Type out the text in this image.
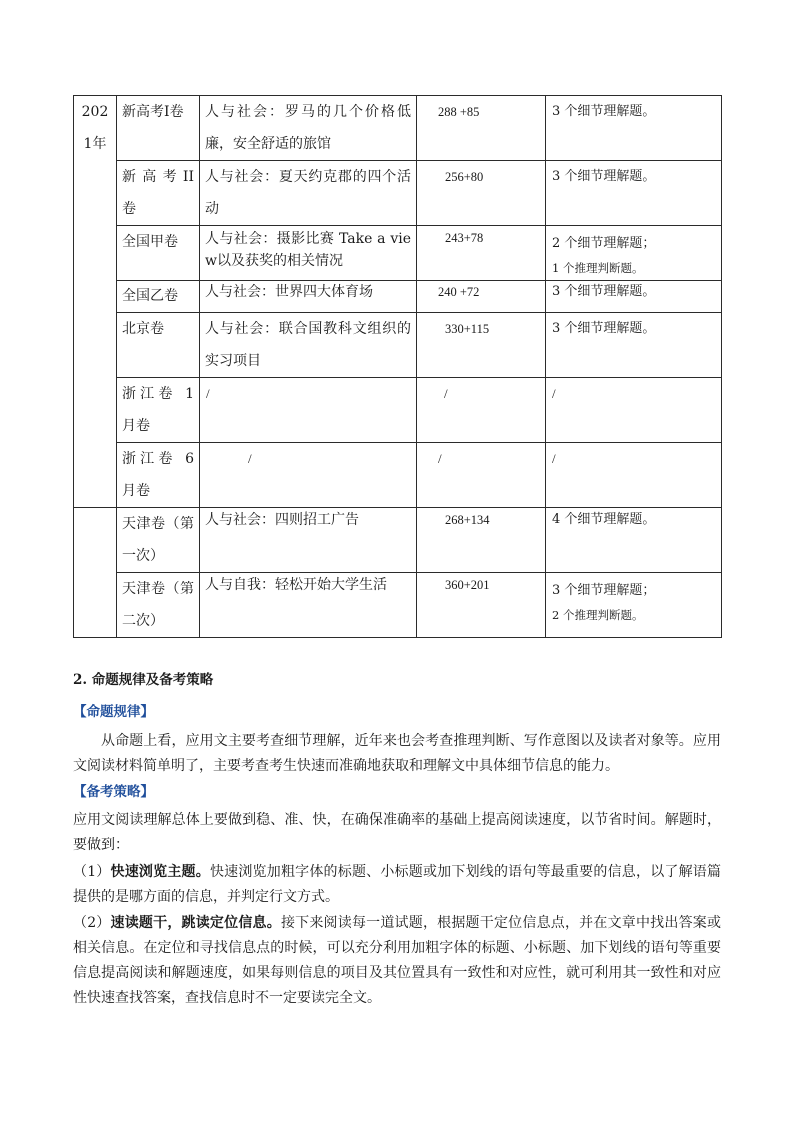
2021年	新高考Ⅰ卷	人与社会：罗马的几个价格低廉，安全舒适的旅馆	288 +85	3 个细节理解题。

	新 高 考 II 卷	人与社会：夏天约克郡的四个活动	256+80	3 个细节理解题。

	全国甲卷	人与社会：摄影比赛 Take a view以及获奖的相关情况	243+78	2 个细节理解题；
1 个推理判断题。

	全国乙卷	人与社会：世界四大体育场	240 +72	3 个细节理解题。

	北京卷	人与社会：联合国教科文组织的实习项目	330+115	3 个细节理解题。

	浙江卷 1 月卷	/	/	/

	浙江卷 6 月卷	/	/	/

	天津卷（第一次）	人与社会：四则招工广告	268+134	4 个细节理解题。

	天津卷（第二次）	人与自我：轻松开始大学生活	360+201	3 个细节理解题；
2 个推理判断题。
2. 命题规律及备考策略
【命题规律】
从命题上看，应用文主要考查细节理解，近年来也会考查推理判断、写作意图以及读者对象等。应用文阅读材料简单明了，主要考查考生快速而准确地获取和理解文中具体细节信息的能力。
【备考策略】
应用文阅读理解总体上要做到稳、准、快，在确保准确率的基础上提高阅读速度，以节省时间。解题时，要做到：
（1）快速浏览主题。快速浏览加粗字体的标题、小标题或加下划线的语句等最重要的信息，以了解语篇提供的是哪方面的信息，并判定行文方式。
（2）速读题干，跳读定位信息。接下来阅读每一道试题，根据题干定位信息点，并在文章中找出答案或相关信息。在定位和寻找信息点的时候，可以充分利用加粗字体的标题、小标题、加下划线的语句等重要信息提高阅读和解题速度，如果每则信息的项目及其位置具有一致性和对应性，就可利用其一致性和对应性快速查找答案，查找信息时不一定要读完全文。
